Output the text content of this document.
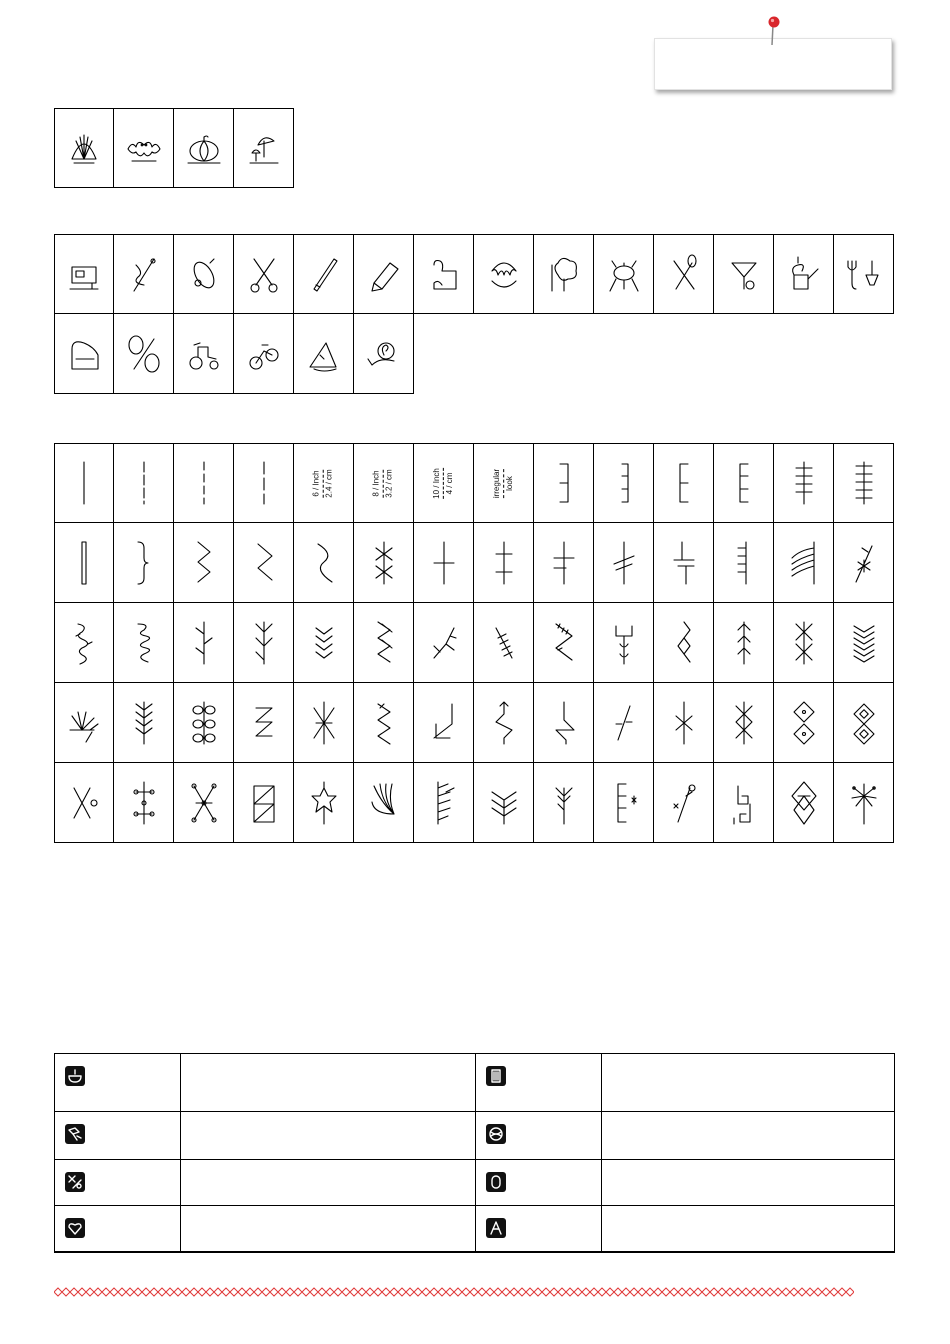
6 / Inch 2.4 / cm	8 / Inch 3.2 / cm	10 / Inch 4 / cm	irregular look
